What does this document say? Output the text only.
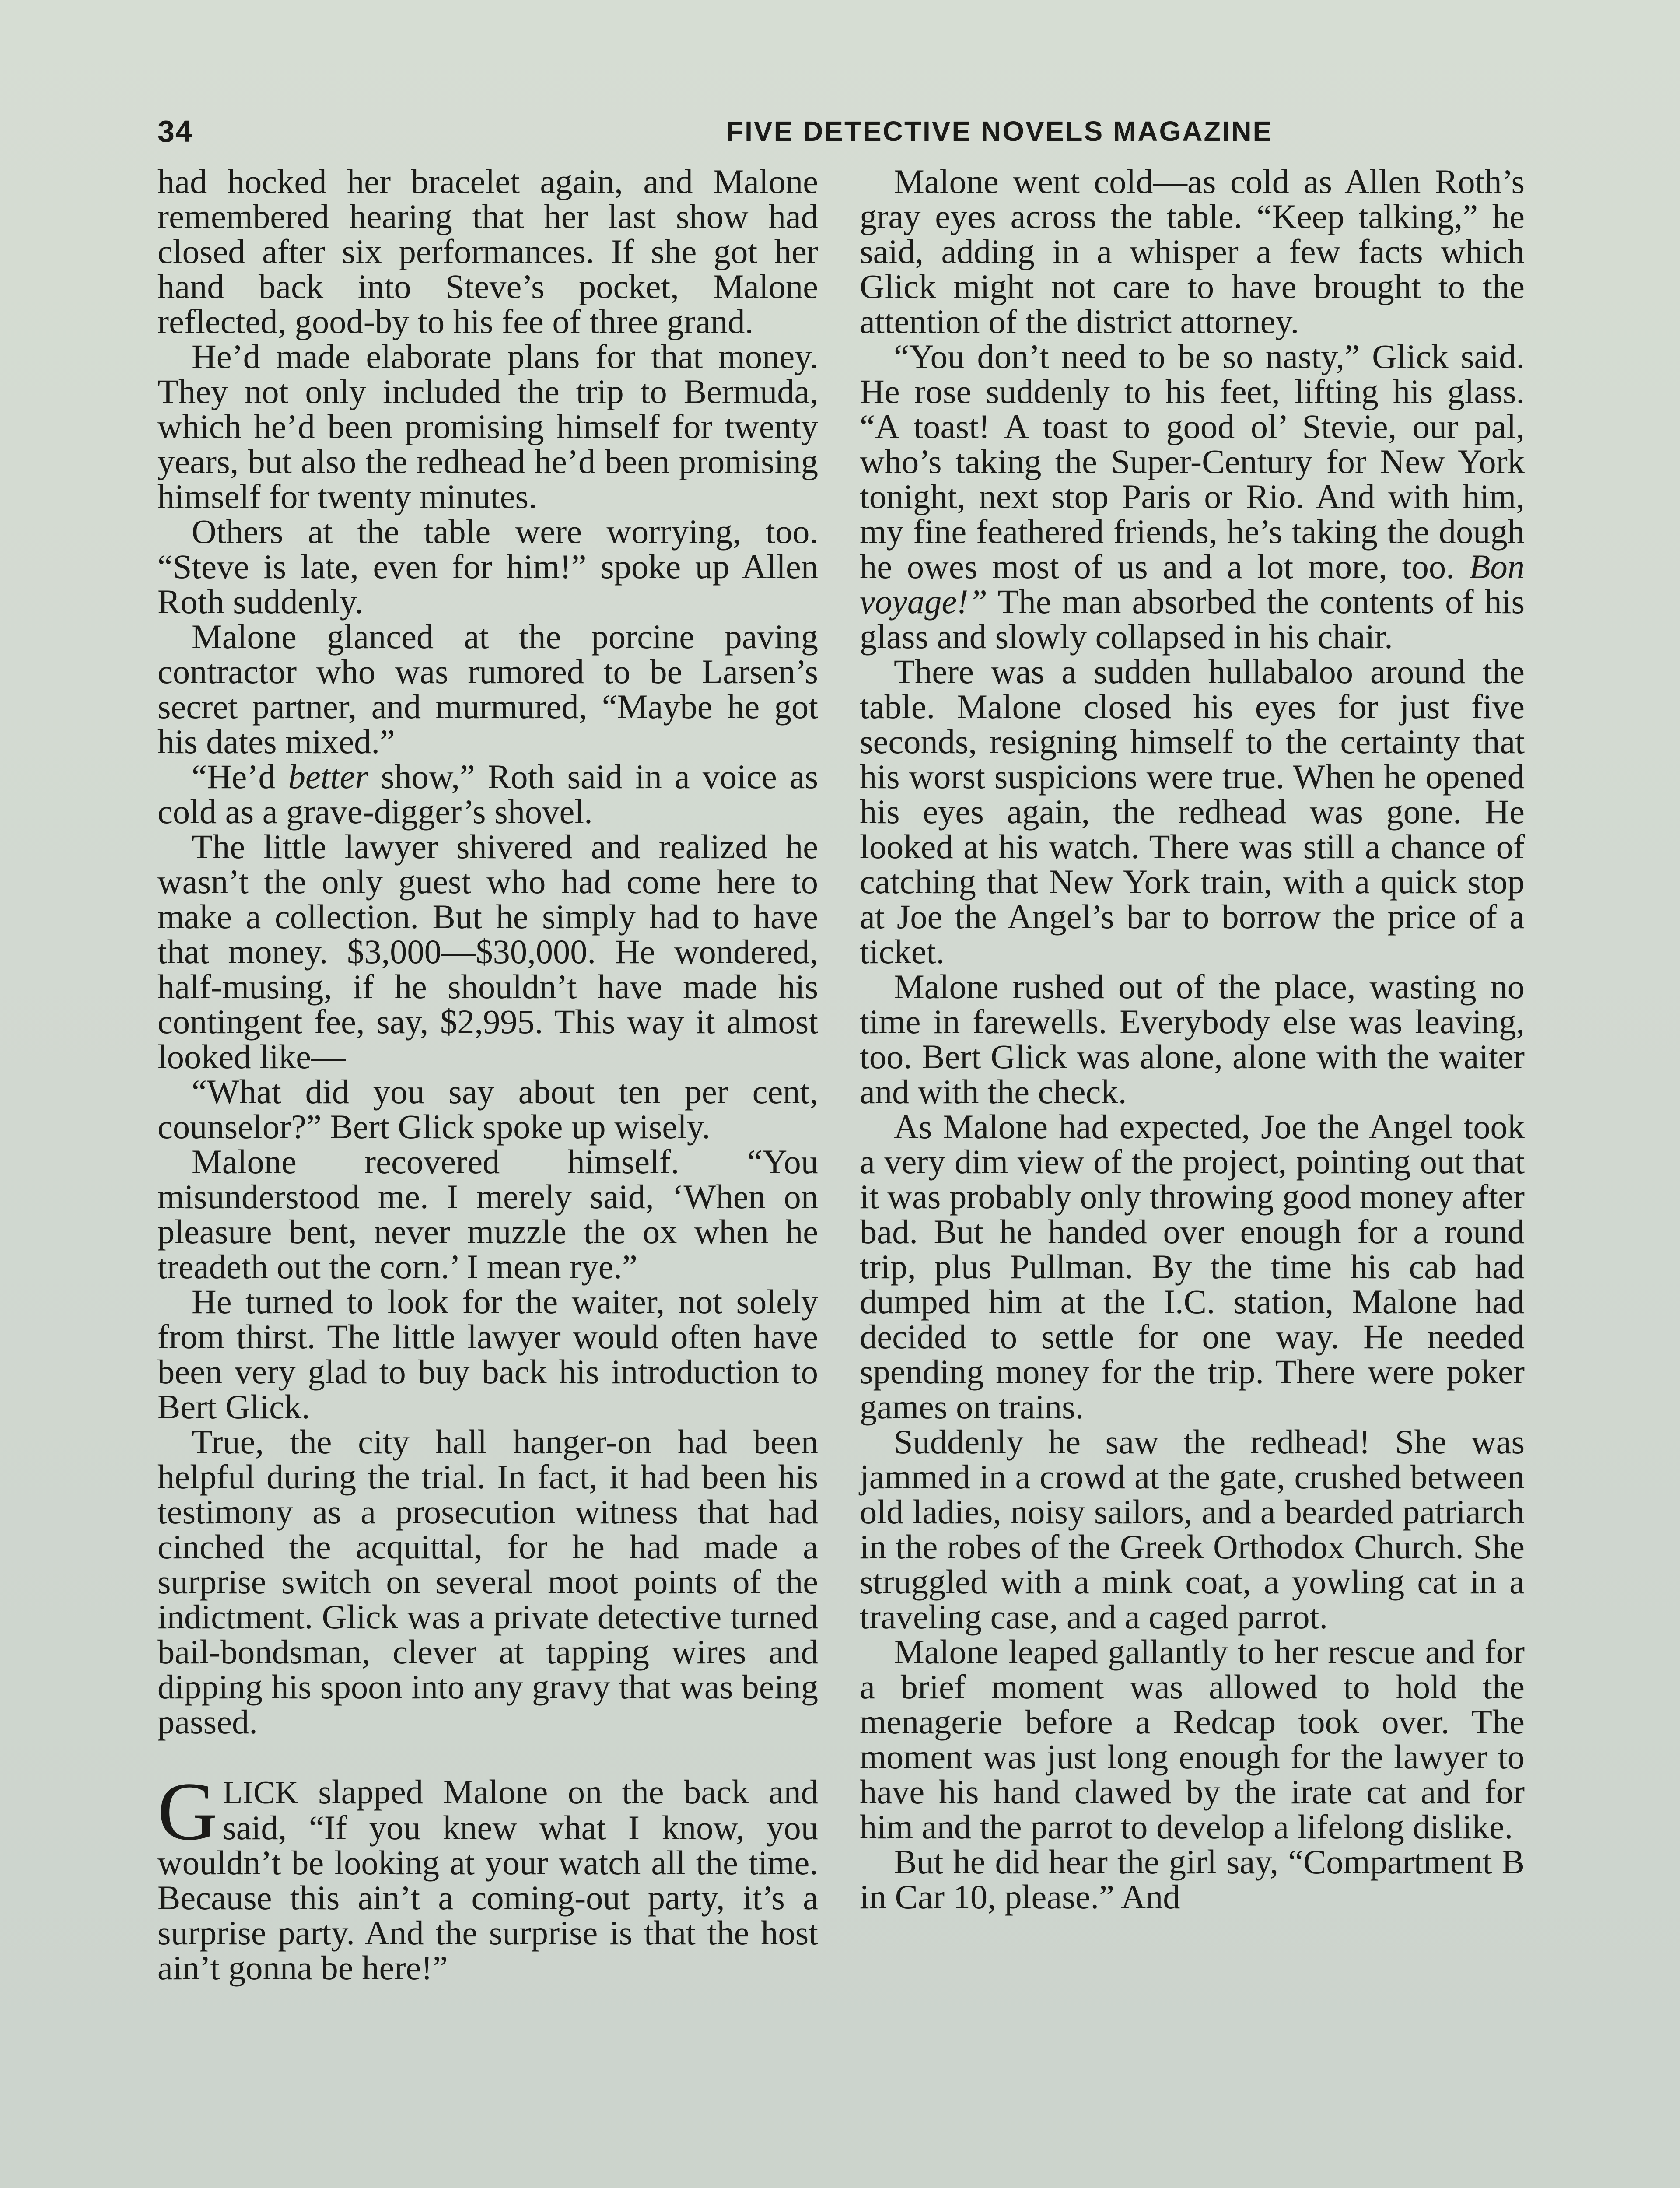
34	FIVE DETECTIVE NOVELS MAGAZINE

had hocked her bracelet again, and Malone remembered hearing that her last show had closed after six performances. If she got her hand back into Steve’s pocket, Malone reflected, good-by to his fee of three grand.

He’d made elaborate plans for that money. They not only included the trip to Bermuda, which he’d been promising himself for twenty years, but also the redhead he’d been promising himself for twenty minutes.

Others at the table were worrying, too. “Steve is late, even for him!” spoke up Allen Roth suddenly.

Malone glanced at the porcine paving contractor who was rumored to be Larsen’s secret partner, and murmured, “Maybe he got his dates mixed.”

“He’d better show,” Roth said in a voice as cold as a grave-digger’s shovel.

The little lawyer shivered and realized he wasn’t the only guest who had come here to make a collection. But he simply had to have that money. $3,000—$30,000. He wondered, half-musing, if he shouldn’t have made his contingent fee, say, $2,995. This way it almost looked like—

“What did you say about ten per cent, counselor?” Bert Glick spoke up wisely.

Malone recovered himself. “You misunderstood me. I merely said, ‘When on pleasure bent, never muzzle the ox when he treadeth out the corn.’ I mean rye.”

He turned to look for the waiter, not solely from thirst. The little lawyer would often have been very glad to buy back his introduction to Bert Glick.

True, the city hall hanger-on had been helpful during the trial. In fact, it had been his testimony as a prosecution witness that had cinched the acquittal, for he had made a surprise switch on several moot points of the indictment. Glick was a private detective turned bail-bondsman, clever at tapping wires and dipping his spoon into any gravy that was being passed.

GLICK slapped Malone on the back and said, “If you knew what I know, you wouldn’t be looking at your watch all the time. Because this ain’t a coming-out party, it’s a surprise party. And the surprise is that the host ain’t gonna be here!”

Malone went cold—as cold as Allen Roth’s gray eyes across the table. “Keep talking,” he said, adding in a whisper a few facts which Glick might not care to have brought to the attention of the district attorney.

“You don’t need to be so nasty,” Glick said. He rose suddenly to his feet, lifting his glass. “A toast! A toast to good ol’ Stevie, our pal, who’s taking the Super-Century for New York tonight, next stop Paris or Rio. And with him, my fine feathered friends, he’s taking the dough he owes most of us and a lot more, too. Bon voyage!” The man absorbed the contents of his glass and slowly collapsed in his chair.

There was a sudden hullabaloo around the table. Malone closed his eyes for just five seconds, resigning himself to the certainty that his worst suspicions were true. When he opened his eyes again, the redhead was gone. He looked at his watch. There was still a chance of catching that New York train, with a quick stop at Joe the Angel’s bar to borrow the price of a ticket.

Malone rushed out of the place, wasting no time in farewells. Everybody else was leaving, too. Bert Glick was alone, alone with the waiter and with the check.

As Malone had expected, Joe the Angel took a very dim view of the project, pointing out that it was probably only throwing good money after bad. But he handed over enough for a round trip, plus Pullman. By the time his cab had dumped him at the I.C. station, Malone had decided to settle for one way. He needed spending money for the trip. There were poker games on trains.

Suddenly he saw the redhead! She was jammed in a crowd at the gate, crushed between old ladies, noisy sailors, and a bearded patriarch in the robes of the Greek Orthodox Church. She struggled with a mink coat, a yowling cat in a traveling case, and a caged parrot.

Malone leaped gallantly to her rescue and for a brief moment was allowed to hold the menagerie before a Redcap took over. The moment was just long enough for the lawyer to have his hand clawed by the irate cat and for him and the parrot to develop a lifelong dislike.

But he did hear the girl say, “Compartment B in Car 10, please.” And
